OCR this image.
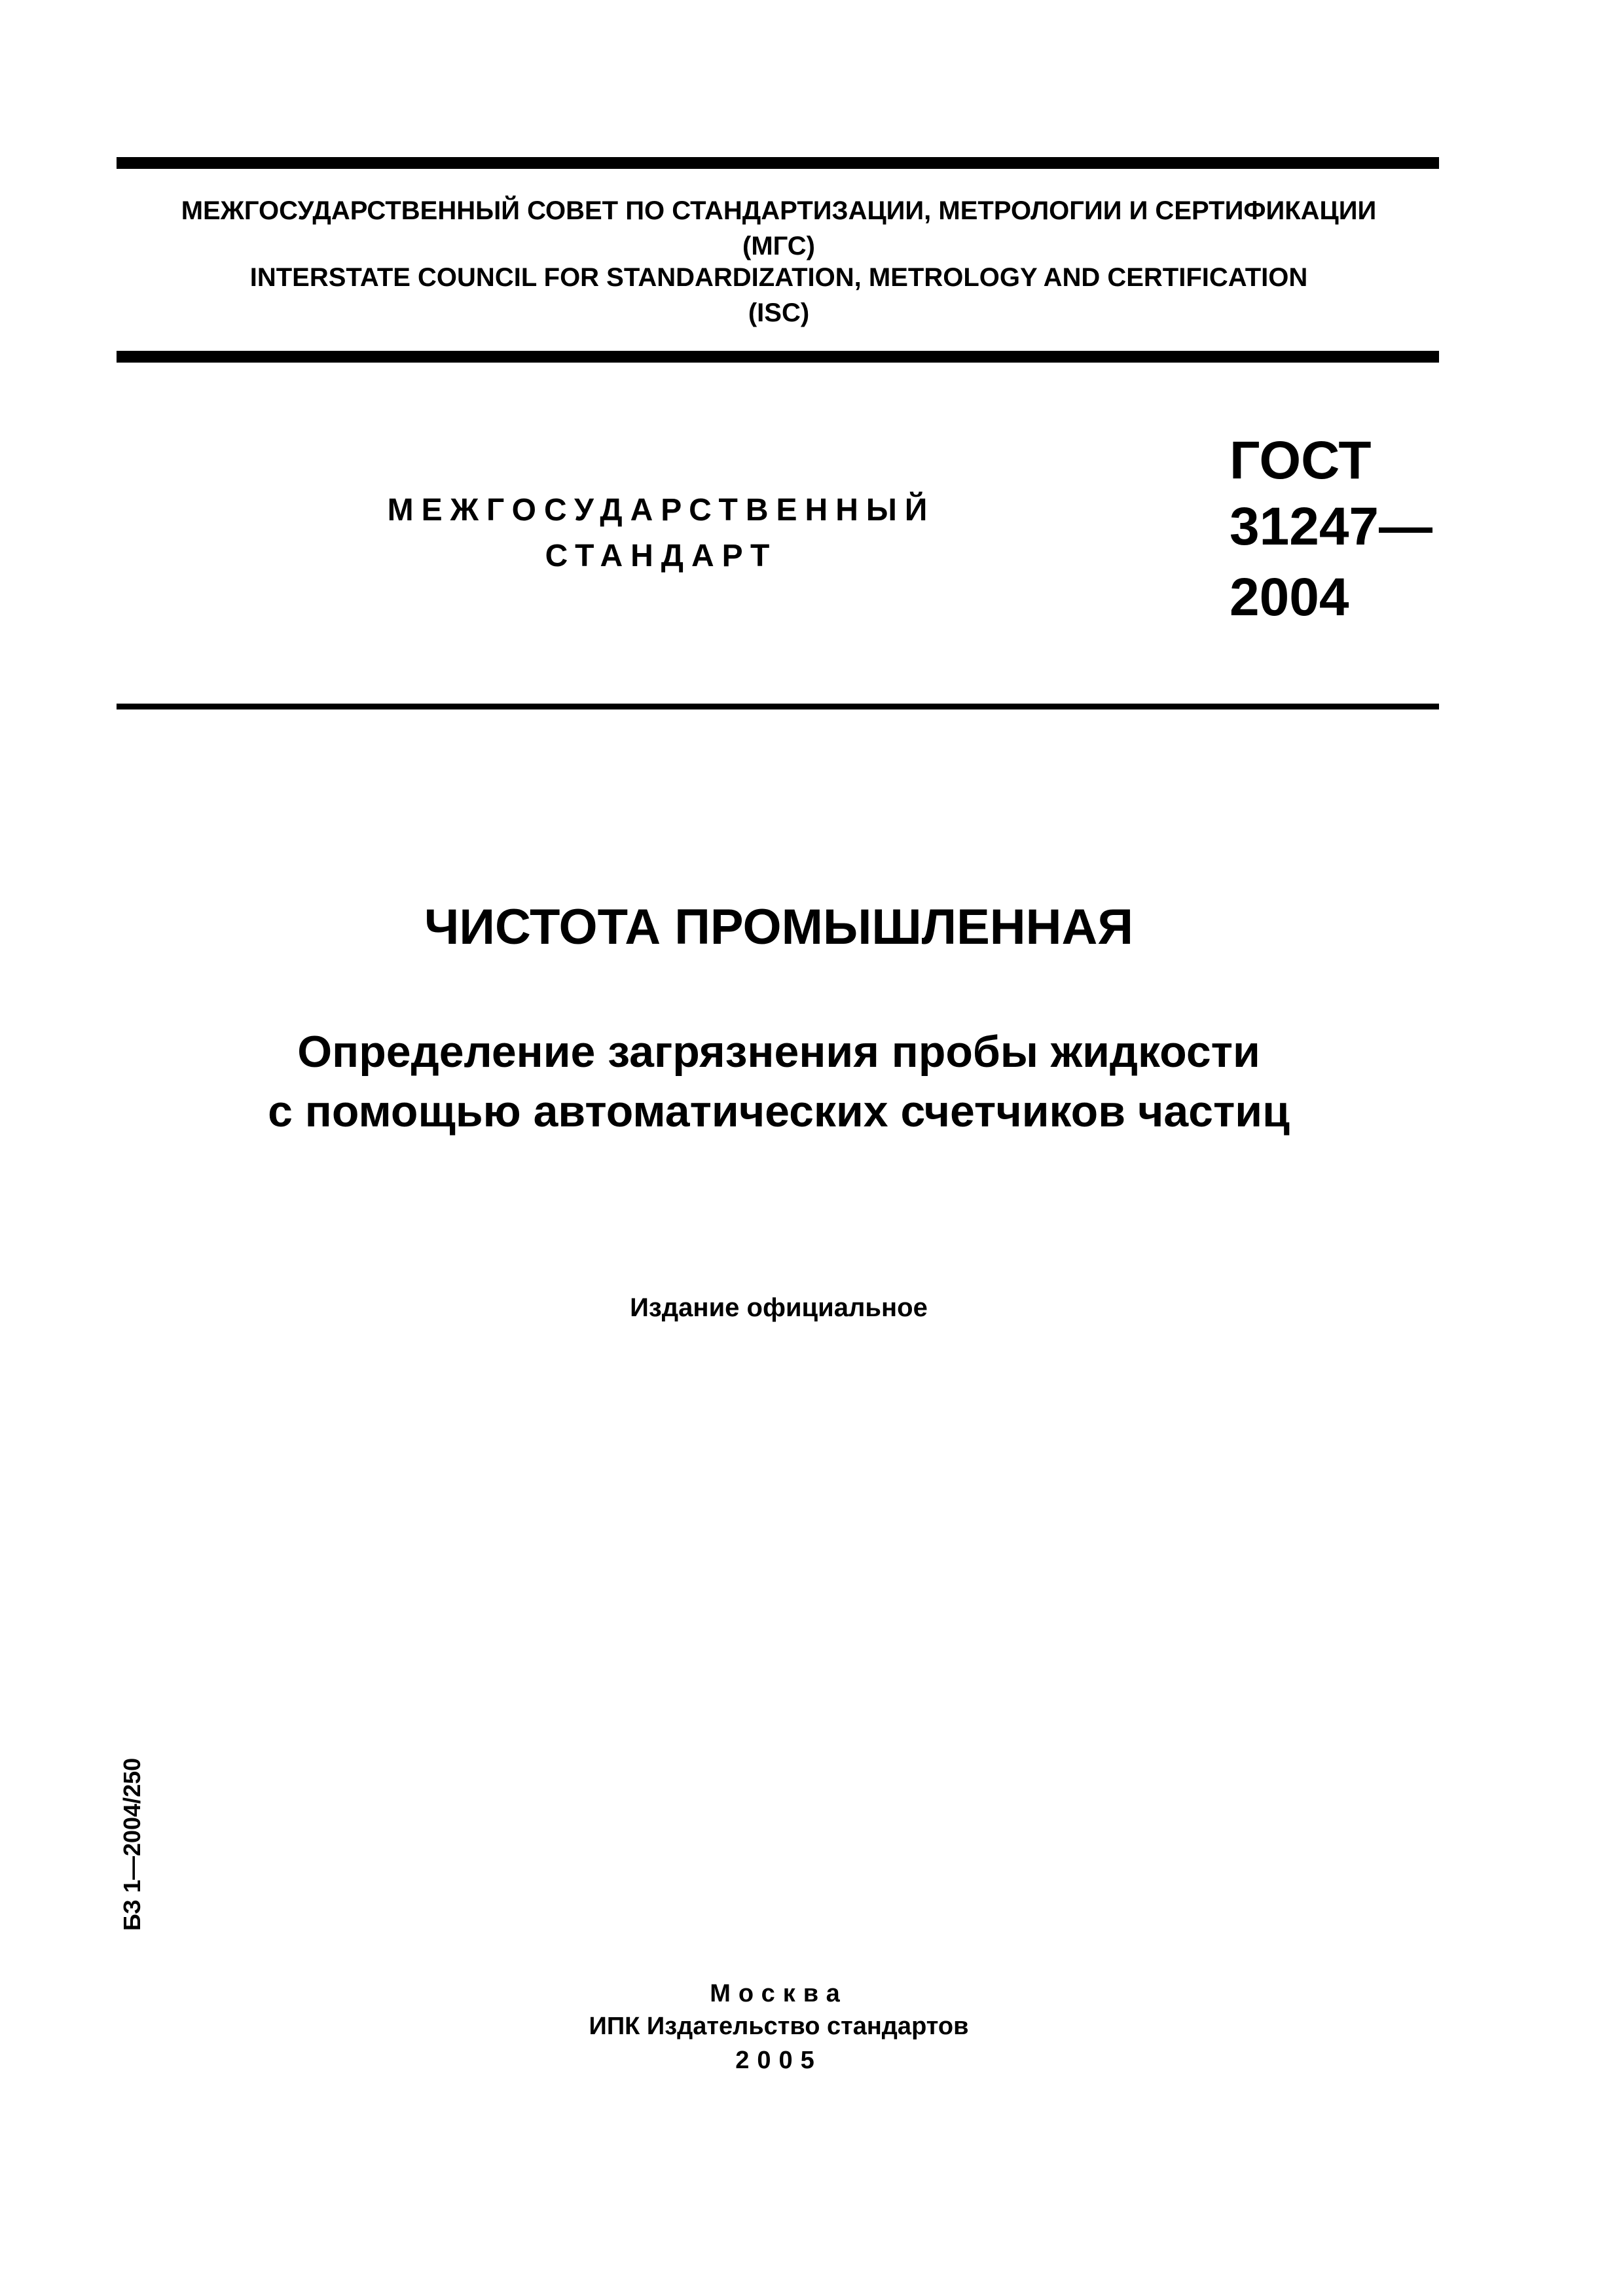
МЕЖГОСУДАРСТВЕННЫЙ СОВЕТ ПО СТАНДАРТИЗАЦИИ, МЕТРОЛОГИИ И СЕРТИФИКАЦИИ
(МГС)
INTERSTATE COUNCIL FOR STANDARDIZATION, METROLOGY AND CERTIFICATION
(ISC)
МЕЖГОСУДАРСТВЕННЫЙ
СТАНДАРТ
ГОСТ
31247—
2004
ЧИСТОТА ПРОМЫШЛЕННАЯ
Определение загрязнения пробы жидкости
с помощью автоматических счетчиков частиц
Издание официальное
БЗ 1—2004/250
Москва
ИПК Издательство стандартов
2005
